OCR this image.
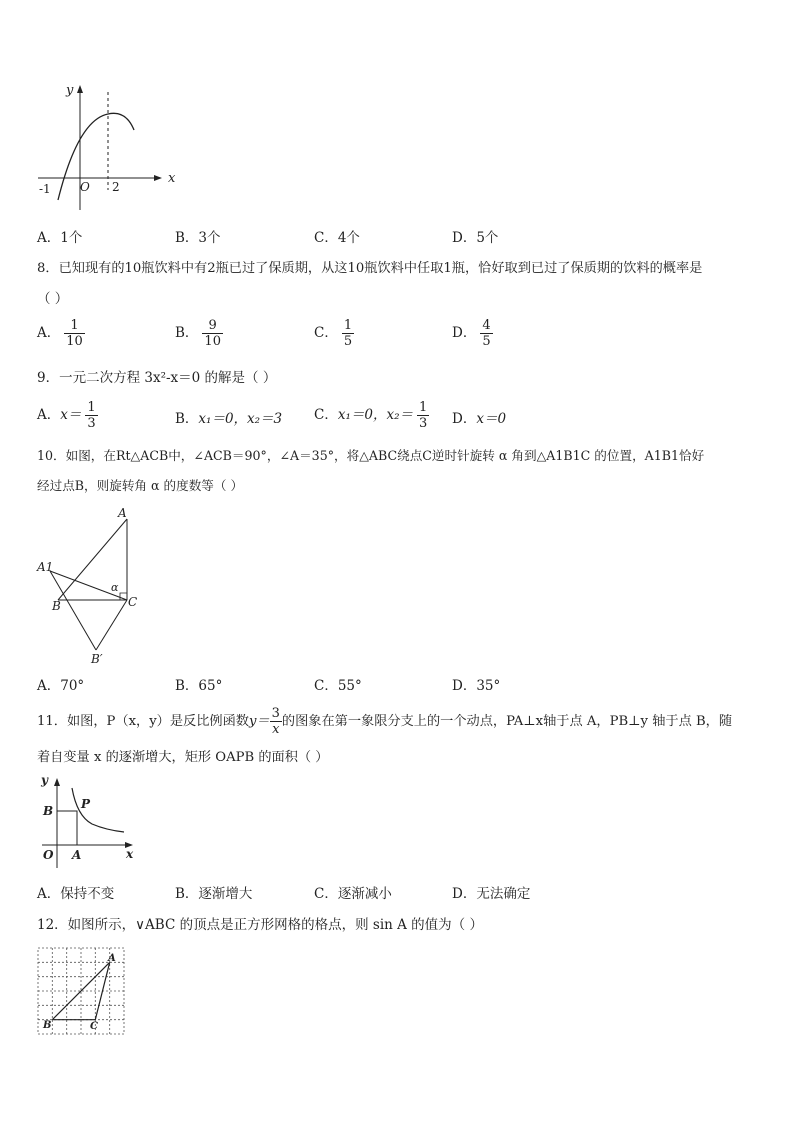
y
x
-1 O 2
A．1个	B．3个	C．4个	D．5个
8．已知现有的10瓶饮料中有2瓶已过了保质期，从这10瓶饮料中任取1瓶，恰好取到已过了保质期的饮料的概率是
（ ）
A． $\frac{1}{10}$	B． $\frac{9}{10}$	C． $\frac{1}{5}$	D． $\frac{4}{5}$
9．一元二次方程 3x²-x＝0 的解是（ ）
A．$x= \frac{1}{3}$	B．x₁＝0，x₂＝3 C．x₁＝0，$x_2= \frac{1}{3}$ D．x＝0
10．如图，在Rt△ACB中，∠ACB＝90°，∠A＝35°，将△ABC绕点C逆时针旋转 α 角到△A1B1C 的位置，A1B1恰好
经过点B，则旋转角 α 的度数等（ ）
A
A1
B	C
B′
α
A．70°	B．65°	C．55°	D．35°
11．如图，P（x，y）是反比例函数$y= \frac{3}{x}$ 的图象在第一象限分支上的一个动点，PA⊥x轴于点 A，PB⊥y 轴于点 B，随
着自变量 x 的逐渐增大，矩形 OAPB 的面积（ ）
y
x
B P
O A
A．保持不变	B．逐渐增大	C．逐渐减小	D．无法确定
12．如图所示，∨ABC 的顶点是正方形网格的格点，则 sin A 的值为（ ）
A
B	C
